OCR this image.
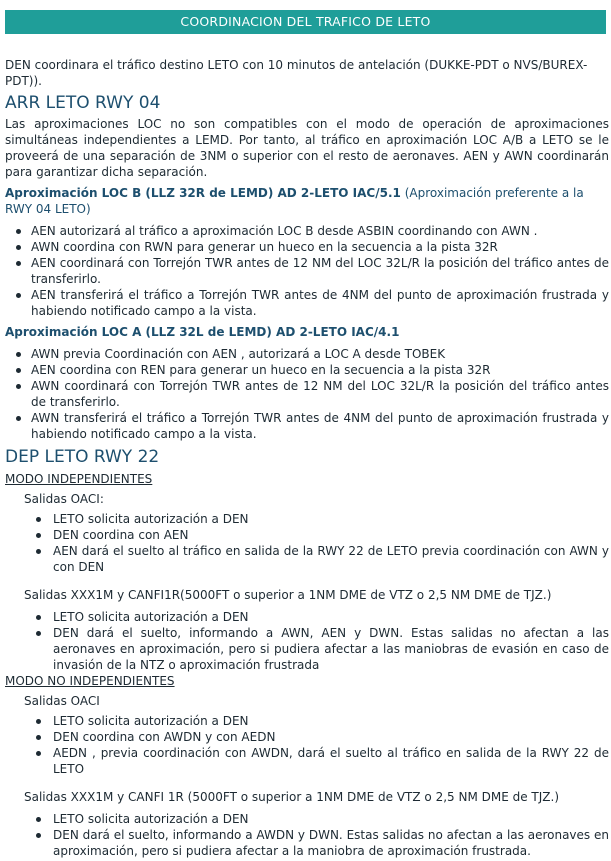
COORDINACION DEL TRAFICO DE LETO

DEN coordinara el tráfico destino LETO con 10 minutos de antelación (DUKKE-PDT o NVS/BUREX-PDT)).

ARR LETO RWY 04

Las aproximaciones LOC no son compatibles con el modo de operación de aproximaciones simultáneas independientes a LEMD. Por tanto, al tráfico en aproximación LOC A/B a LETO se le proveerá de una separación de 3NM o superior con el resto de aeronaves. AEN y AWN coordinarán para garantizar dicha separación.

Aproximación LOC B (LLZ 32R de LEMD) AD 2-LETO IAC/5.1 (Aproximación preferente a la RWY 04 LETO)
AEN autorizará al tráfico a aproximación LOC B desde ASBIN coordinando con AWN .
AWN coordina con RWN para generar un hueco en la secuencia a la pista 32R
AEN coordinará con Torrejón TWR antes de 12 NM del LOC 32L/R la posición del tráfico antes de transferirlo.
AEN transferirá el tráfico a Torrejón TWR antes de 4NM del punto de aproximación frustrada y habiendo notificado campo a la vista.
Aproximación LOC A (LLZ 32L de LEMD) AD 2-LETO IAC/4.1
AWN previa Coordinación con AEN , autorizará a LOC A desde TOBEK
AEN coordina con REN para generar un hueco en la secuencia a la pista 32R
AWN coordinará con Torrejón TWR antes de 12 NM del LOC 32L/R la posición del tráfico antes de transferirlo.
AWN transferirá el tráfico a Torrejón TWR antes de 4NM del punto de aproximación frustrada y habiendo notificado campo a la vista.
DEP LETO RWY 22

MODO INDEPENDIENTES

Salidas OACI:

LETO solicita autorización a DEN
DEN coordina con AEN
AEN dará el suelto al tráfico en salida de la RWY 22 de LETO previa coordinación con AWN y con DEN

Salidas XXX1M y CANFI1R(5000FT o superior a 1NM DME de VTZ o 2,5 NM DME de TJZ.)

LETO solicita autorización a DEN
DEN dará el suelto, informando a AWN, AEN y DWN. Estas salidas no afectan a las aeronaves en aproximación, pero si pudiera afectar a las maniobras de evasión en caso de invasión de la NTZ o aproximación frustrada

MODO NO INDEPENDIENTES

Salidas OACI

LETO solicita autorización a DEN
DEN coordina con AWDN y con AEDN
AEDN , previa coordinación con AWDN, dará el suelto al tráfico en salida de la RWY 22 de LETO

Salidas XXX1M y CANFI 1R (5000FT o superior a 1NM DME de VTZ o 2,5 NM DME de TJZ.)

LETO solicita autorización a DEN
DEN dará el suelto, informando a AWDN y DWN. Estas salidas no afectan a las aeronaves en aproximación, pero si pudiera afectar a la maniobra de aproximación frustrada.
